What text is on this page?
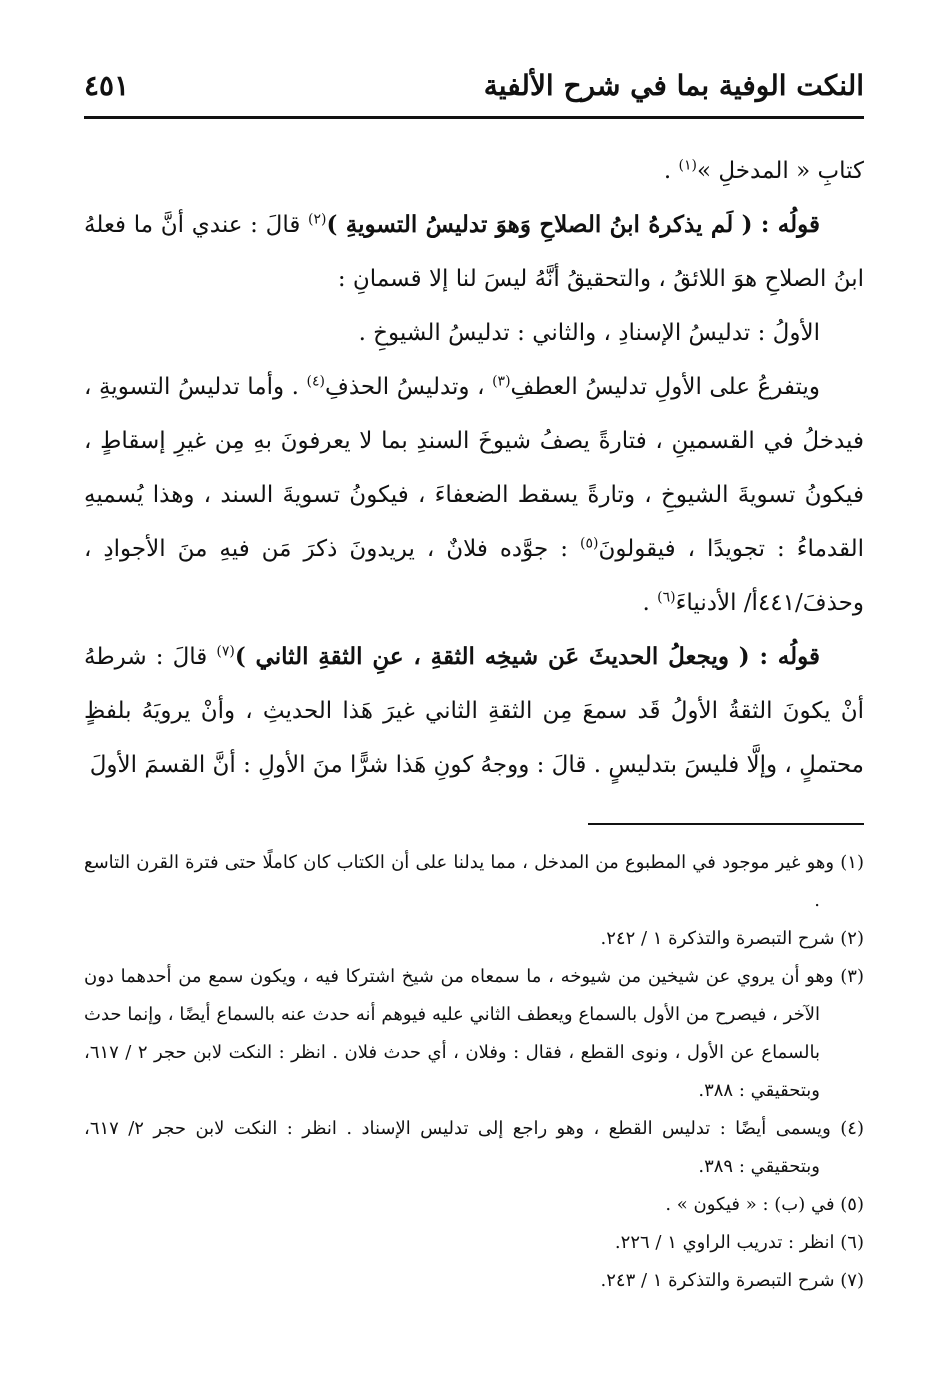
النكت الوفية بما في شرح الألفية
٤٥١

كتابِ « المدخلِ »$^{(١)}$ .

قولُه : ( لَم يذكرهُ ابنُ الصلاحِ وَهوَ تدليسُ التسويةِ )$^{(٢)}$ قالَ : عندي أنَّ ما فعلهُ ابنُ الصلاحِ هوَ اللائقُ ، والتحقيقُ أنَّهُ ليسَ لنا إلا قسمانِ :

الأولُ : تدليسُ الإسنادِ ، والثاني : تدليسُ الشيوخِ .

ويتفرعُ على الأولِ تدليسُ العطفِ$^{(٣)}$ ، وتدليسُ الحذفِ$^{(٤)}$ . وأما تدليسُ التسويةِ ، فيدخلُ في القسمينِ ، فتارةً يصفُ شيوخَ السندِ بما لا يعرفونَ بهِ مِن غيرِ إسقاطٍ ، فيكونُ تسويةَ الشيوخِ ، وتارةً يسقط الضعفاءَ ، فيكونُ تسويةَ السند ، وهذا يُسميهِ القدماءُ : تجويدًا ، فيقولونَ$^{(٥)}$ : جوَّده فلانٌ ، يريدونَ ذكرَ مَن فيهِ منَ الأجوادِ ، وحذفَ/٤٤١أ/ الأدنياءَ$^{(٦)}$ .

قولُه : ( ويجعلُ الحديثَ عَن شيخِه الثقةِ ، عنِ الثقةِ الثاني )$^{(٧)}$ قالَ : شرطهُ أنْ يكونَ الثقةُ الأولُ قَد سمعَ مِن الثقةِ الثاني غيرَ هَذا الحديثِ ، وأنْ يرويَهُ بلفظٍ محتملٍ ، وإلَّا فليسَ بتدليسٍ . قالَ : ووجهُ كونِ هَذا شرًّا منَ الأولِ : أنَّ القسمَ الأولَ

(١) وهو غير موجود في المطبوع من المدخل ، مما يدلنا على أن الكتاب كان كاملًا حتى فترة القرن التاسع .

(٢) شرح التبصرة والتذكرة ١ / ٢٤٢.

(٣) وهو أن يروي عن شيخين من شيوخه ، ما سمعاه من شيخ اشتركا فيه ، ويكون سمع من أحدهما دون الآخر ، فيصرح من الأول بالسماع ويعطف الثاني عليه فيوهم أنه حدث عنه بالسماع أيضًا ، وإنما حدث بالسماع عن الأول ، ونوى القطع ، فقال : وفلان ، أي حدث فلان . انظر : النكت لابن حجر ٢ / ٦١٧، وبتحقيقي : ٣٨٨.

(٤) ويسمى أيضًا : تدليس القطع ، وهو راجع إلى تدليس الإسناد . انظر : النكت لابن حجر ٢/ ٦١٧، وبتحقيقي : ٣٨٩.

(٥) في (ب) : « فيكون » .

(٦) انظر : تدريب الراوي ١ / ٢٢٦.

(٧) شرح التبصرة والتذكرة ١ / ٢٤٣.
